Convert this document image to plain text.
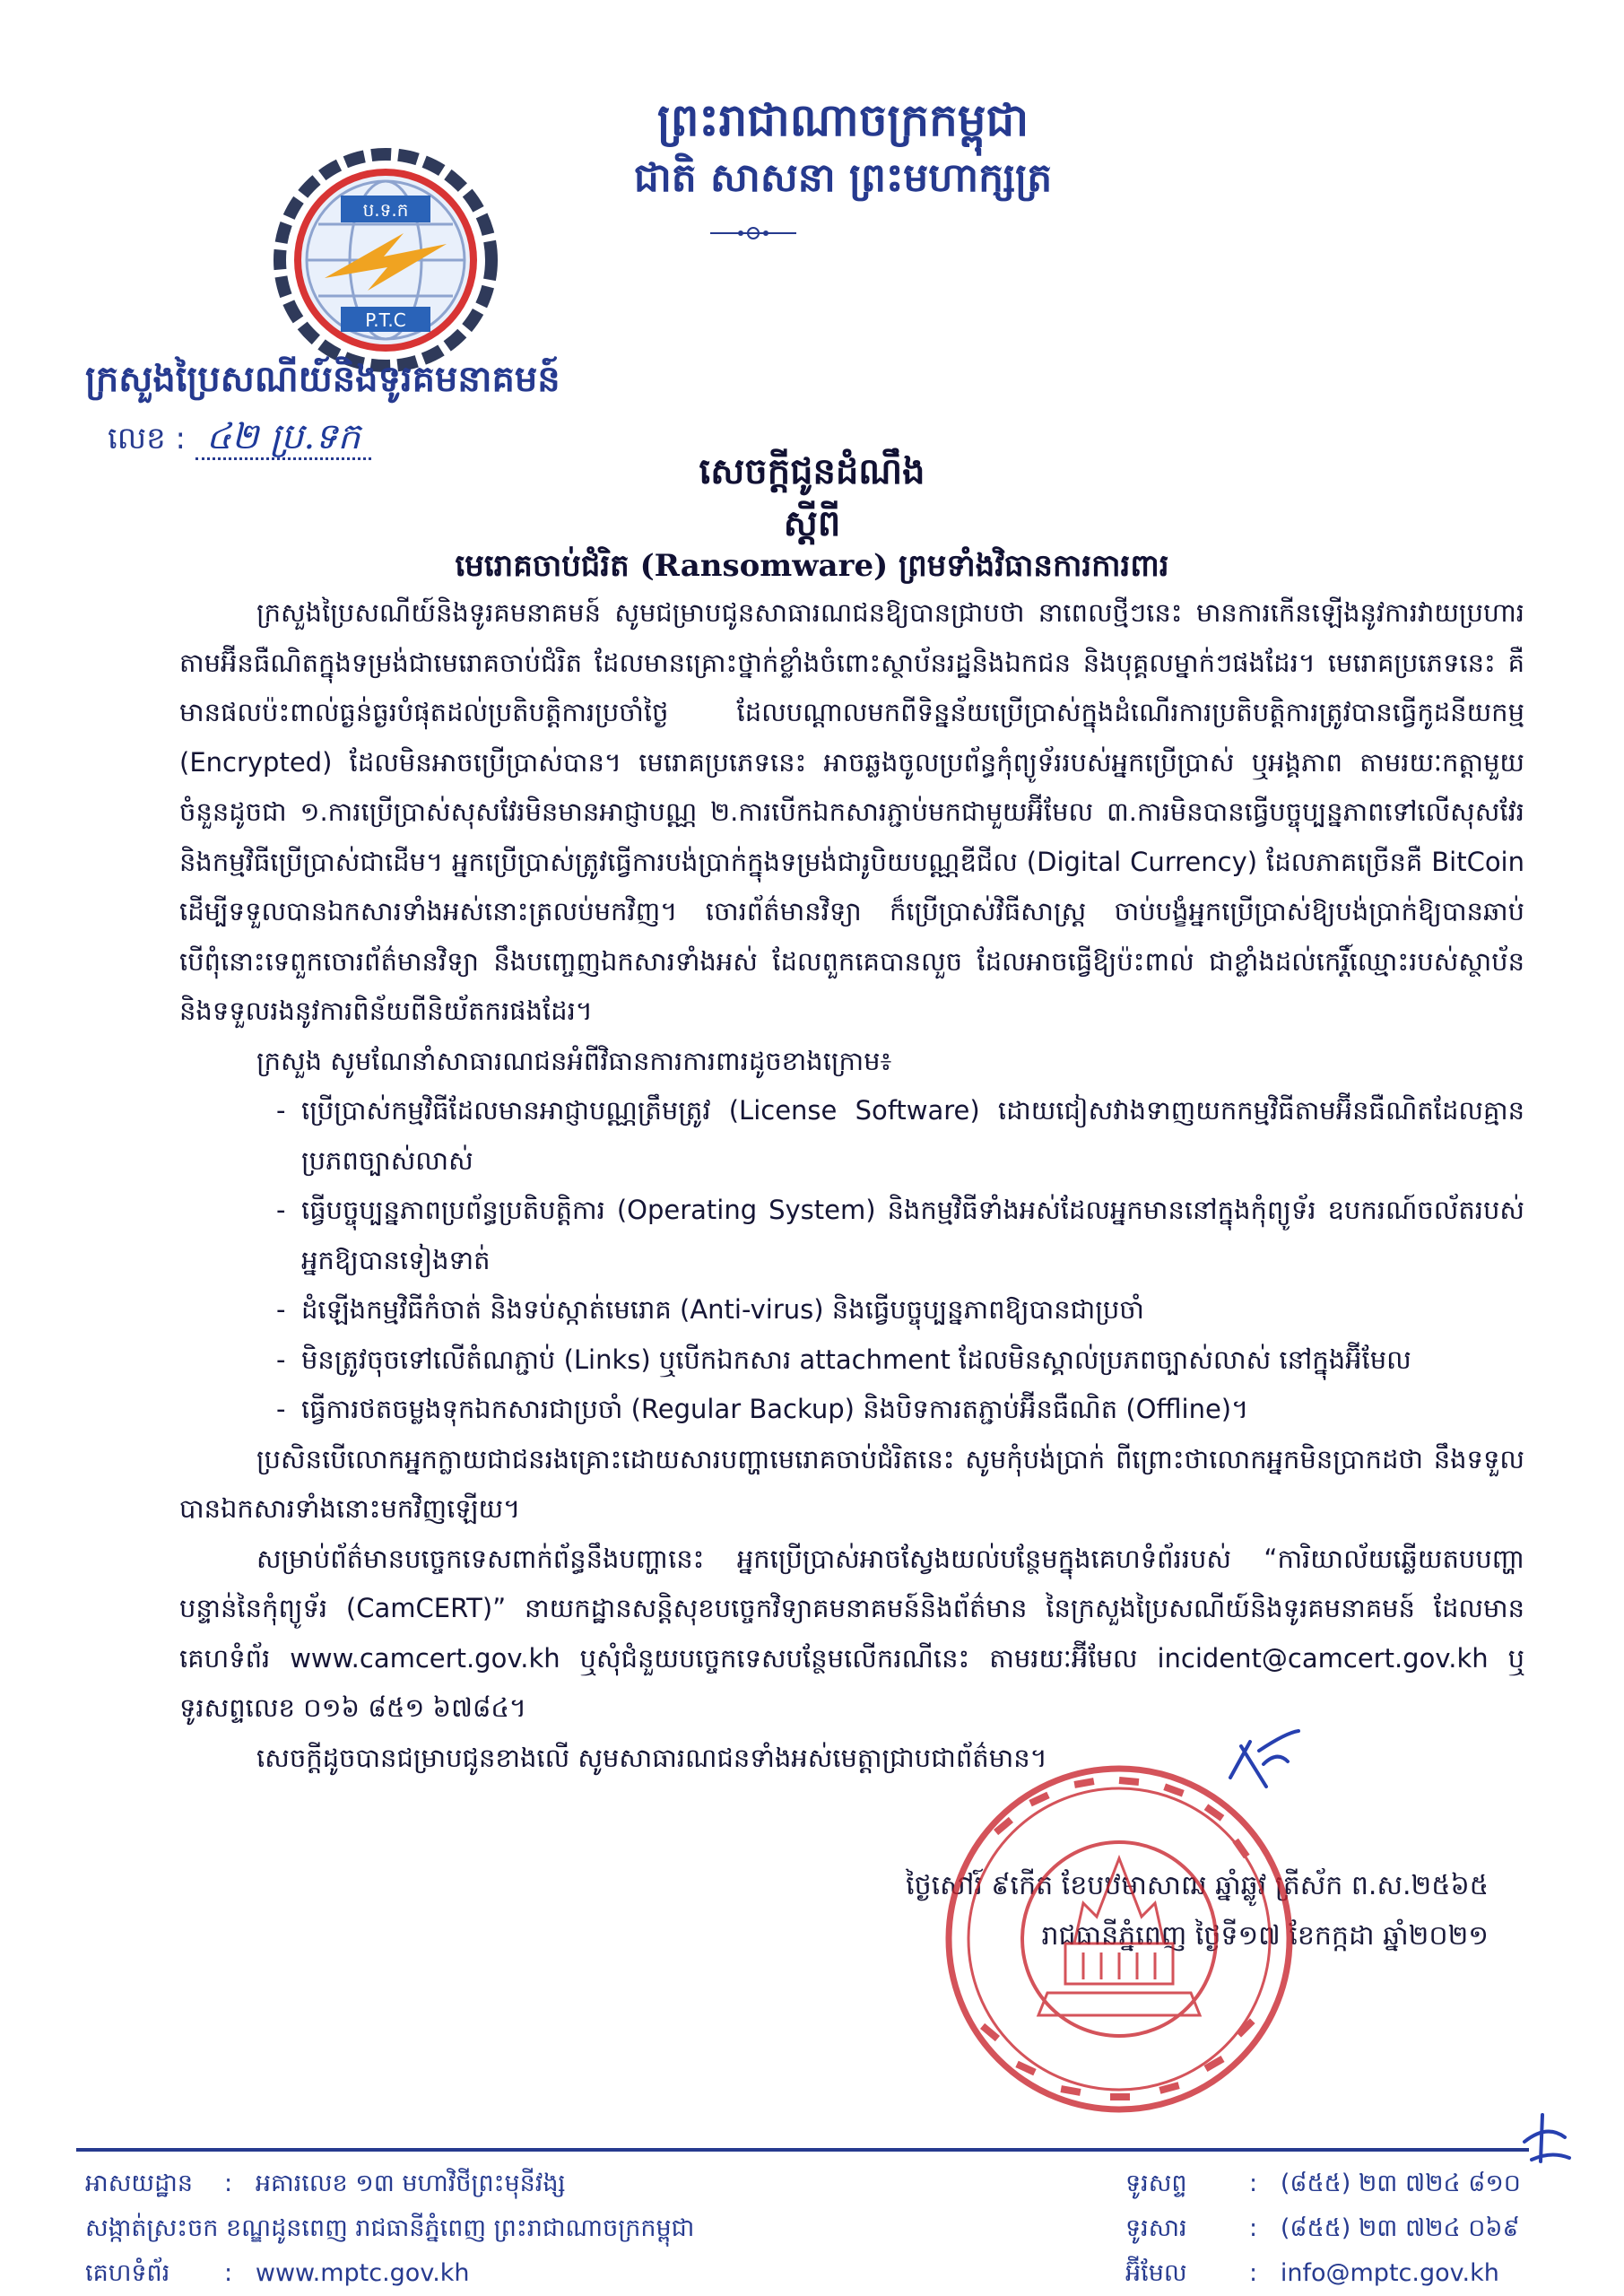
ព្រះរាជាណាចក្រកម្ពុជា
ជាតិ សាសនា ព្រះមហាក្សត្រ
ប.ទ.ក
P.T.C
ក្រសួងប្រៃសណីយ៍និងទូរគមនាគមន៍
លេខ : ៤២ ប្រ.ទក
សេចក្តីជូនដំណឹង
ស្តីពី
មេរោគចាប់ជំរិត (Ransomware) ព្រមទាំងវិធានការការពារ

ក្រសួងប្រៃសណីយ៍និងទូរគមនាគមន៍ សូមជម្រាបជូនសាធារណជនឱ្យបានជ្រាបថា នាពេលថ្មីៗនេះ មានការកើនឡើងនូវការវាយប្រហារតាមអ៊ីនធឺណិតក្នុងទម្រង់ជាមេរោគចាប់ជំរិត ដែលមានគ្រោះថ្នាក់ខ្លាំងចំពោះស្ថាប័នរដ្ឋនិងឯកជន និងបុគ្គលម្នាក់ៗផងដែរ។ មេរោគប្រភេទនេះ គឺមានផលប៉ះពាល់ធ្ងន់ធ្ងរបំផុតដល់ប្រតិបត្តិការប្រចាំថ្ងៃ ដែលបណ្តាលមកពីទិន្នន័យប្រើប្រាស់ក្នុងដំណើរការប្រតិបត្តិការត្រូវបានធ្វើកូដនីយកម្ម (Encrypted) ដែលមិនអាចប្រើប្រាស់បាន។ មេរោគប្រភេទនេះ អាចឆ្លងចូលប្រព័ន្ធកុំព្យូទ័ររបស់អ្នកប្រើប្រាស់ ឬអង្គភាព តាមរយៈកត្តាមួយចំនួនដូចជា ១.ការប្រើប្រាស់សុសវែរមិនមានអាជ្ញាបណ្ណ ២.ការបើកឯកសារភ្ជាប់មកជាមួយអ៊ីមែល ៣.ការមិនបានធ្វើបច្ចុប្បន្នភាពទៅលើសុសវែរ និងកម្មវិធីប្រើប្រាស់ជាដើម។ អ្នកប្រើប្រាស់ត្រូវធ្វើការបង់ប្រាក់ក្នុងទម្រង់ជារូបិយបណ្ណឌីជីល (Digital Currency) ដែលភាគច្រើនគឺ BitCoin ដើម្បីទទួលបានឯកសារទាំងអស់នោះត្រលប់មកវិញ។ ចោរព័ត៌មានវិទ្យា ក៏ប្រើប្រាស់វិធីសាស្ត្រ ចាប់បង្ខំអ្នកប្រើប្រាស់ឱ្យបង់ប្រាក់ឱ្យបានឆាប់ បើពុំនោះទេពួកចោរព័ត៌មានវិទ្យា នឹងបញ្ចេញឯកសារទាំងអស់ ដែលពួកគេបានលួច ដែលអាចធ្វើឱ្យប៉ះពាល់ ជាខ្លាំងដល់កេរ្តិ៍ឈ្មោះរបស់ស្ថាប័ន និងទទួលរងនូវការពិន័យពីនិយ័តករផងដែរ។

ក្រសួង សូមណែនាំសាធារណជនអំពីវិធានការការពារដូចខាងក្រោម៖

- ប្រើប្រាស់កម្មវិធីដែលមានអាជ្ញាបណ្ណត្រឹមត្រូវ (License Software) ដោយជៀសវាងទាញយកកម្មវិធីតាមអ៊ីនធឺណិតដែលគ្មានប្រភពច្បាស់លាស់
- ធ្វើបច្ចុប្បន្នភាពប្រព័ន្ធប្រតិបត្តិការ (Operating System) និងកម្មវិធីទាំងអស់ដែលអ្នកមាននៅក្នុងកុំព្យូទ័រ ឧបករណ៍ចល័តរបស់អ្នកឱ្យបានទៀងទាត់
- ដំឡើងកម្មវិធីកំចាត់ និងទប់ស្កាត់មេរោគ (Anti-virus) និងធ្វើបច្ចុប្បន្នភាពឱ្យបានជាប្រចាំ
- មិនត្រូវចុចទៅលើតំណភ្ជាប់ (Links) ឬបើកឯកសារ attachment ដែលមិនស្គាល់ប្រភពច្បាស់លាស់ នៅក្នុងអ៊ីមែល
- ធ្វើការថតចម្លងទុកឯកសារជាប្រចាំ (Regular Backup) និងបិទការតភ្ជាប់អ៊ីនធឺណិត (Offline)។

ប្រសិនបើលោកអ្នកក្លាយជាជនរងគ្រោះដោយសារបញ្ហាមេរោគចាប់ជំរិតនេះ សូមកុំបង់ប្រាក់ ពីព្រោះថាលោកអ្នកមិនប្រាកដថា នឹងទទួលបានឯកសារទាំងនោះមកវិញឡើយ។

សម្រាប់ព័ត៌មានបច្ចេកទេសពាក់ព័ន្ធនឹងបញ្ហានេះ អ្នកប្រើប្រាស់អាចស្វែងយល់បន្ថែមក្នុងគេហទំព័ររបស់ “ការិយាល័យឆ្លើយតបបញ្ហាបន្ទាន់នៃកុំព្យូទ័រ (CamCERT)” នាយកដ្ឋានសន្តិសុខបច្ចេកវិទ្យាគមនាគមន៍និងព័ត៌មាន នៃក្រសួងប្រៃសណីយ៍និងទូរគមនាគមន៍ ដែលមានគេហទំព័រ www.camcert.gov.kh ឬសុំជំនួយបច្ចេកទេសបន្ថែមលើករណីនេះ តាមរយៈអ៊ីមែល incident@camcert.gov.kh ឬទូរសព្ទលេខ ០១៦ ៨៥១ ៦៧៨៤។

សេចក្តីដូចបានជម្រាបជូនខាងលើ សូមសាធារណជនទាំងអស់មេត្តាជ្រាបជាព័ត៌មាន។

ថ្ងៃសៅរ៍ ៩កើត ខែបឋមាសាឍ ឆ្នាំឆ្លូវ ត្រីស័ក ព.ស.២៥៦៥
រាជធានីភ្នំពេញ ថ្ងៃទី១៧ ខែកក្កដា ឆ្នាំ២០២១
អាសយដ្ឋាន : អគារលេខ ១៣ មហាវិថីព្រះមុនីវង្ស
សង្កាត់ស្រះចក ខណ្ឌដូនពេញ រាជធានីភ្នំពេញ ព្រះរាជាណាចក្រកម្ពុជា
គេហទំព័រ : www.mptc.gov.kh
ទូរសព្ទ	: (៨៥៥) ២៣ ៧២៤ ៨១០
ទូរសារ	: (៨៥៥) ២៣ ៧២៤ ០៦៩
អ៊ីមែល	: info@mptc.gov.kh
